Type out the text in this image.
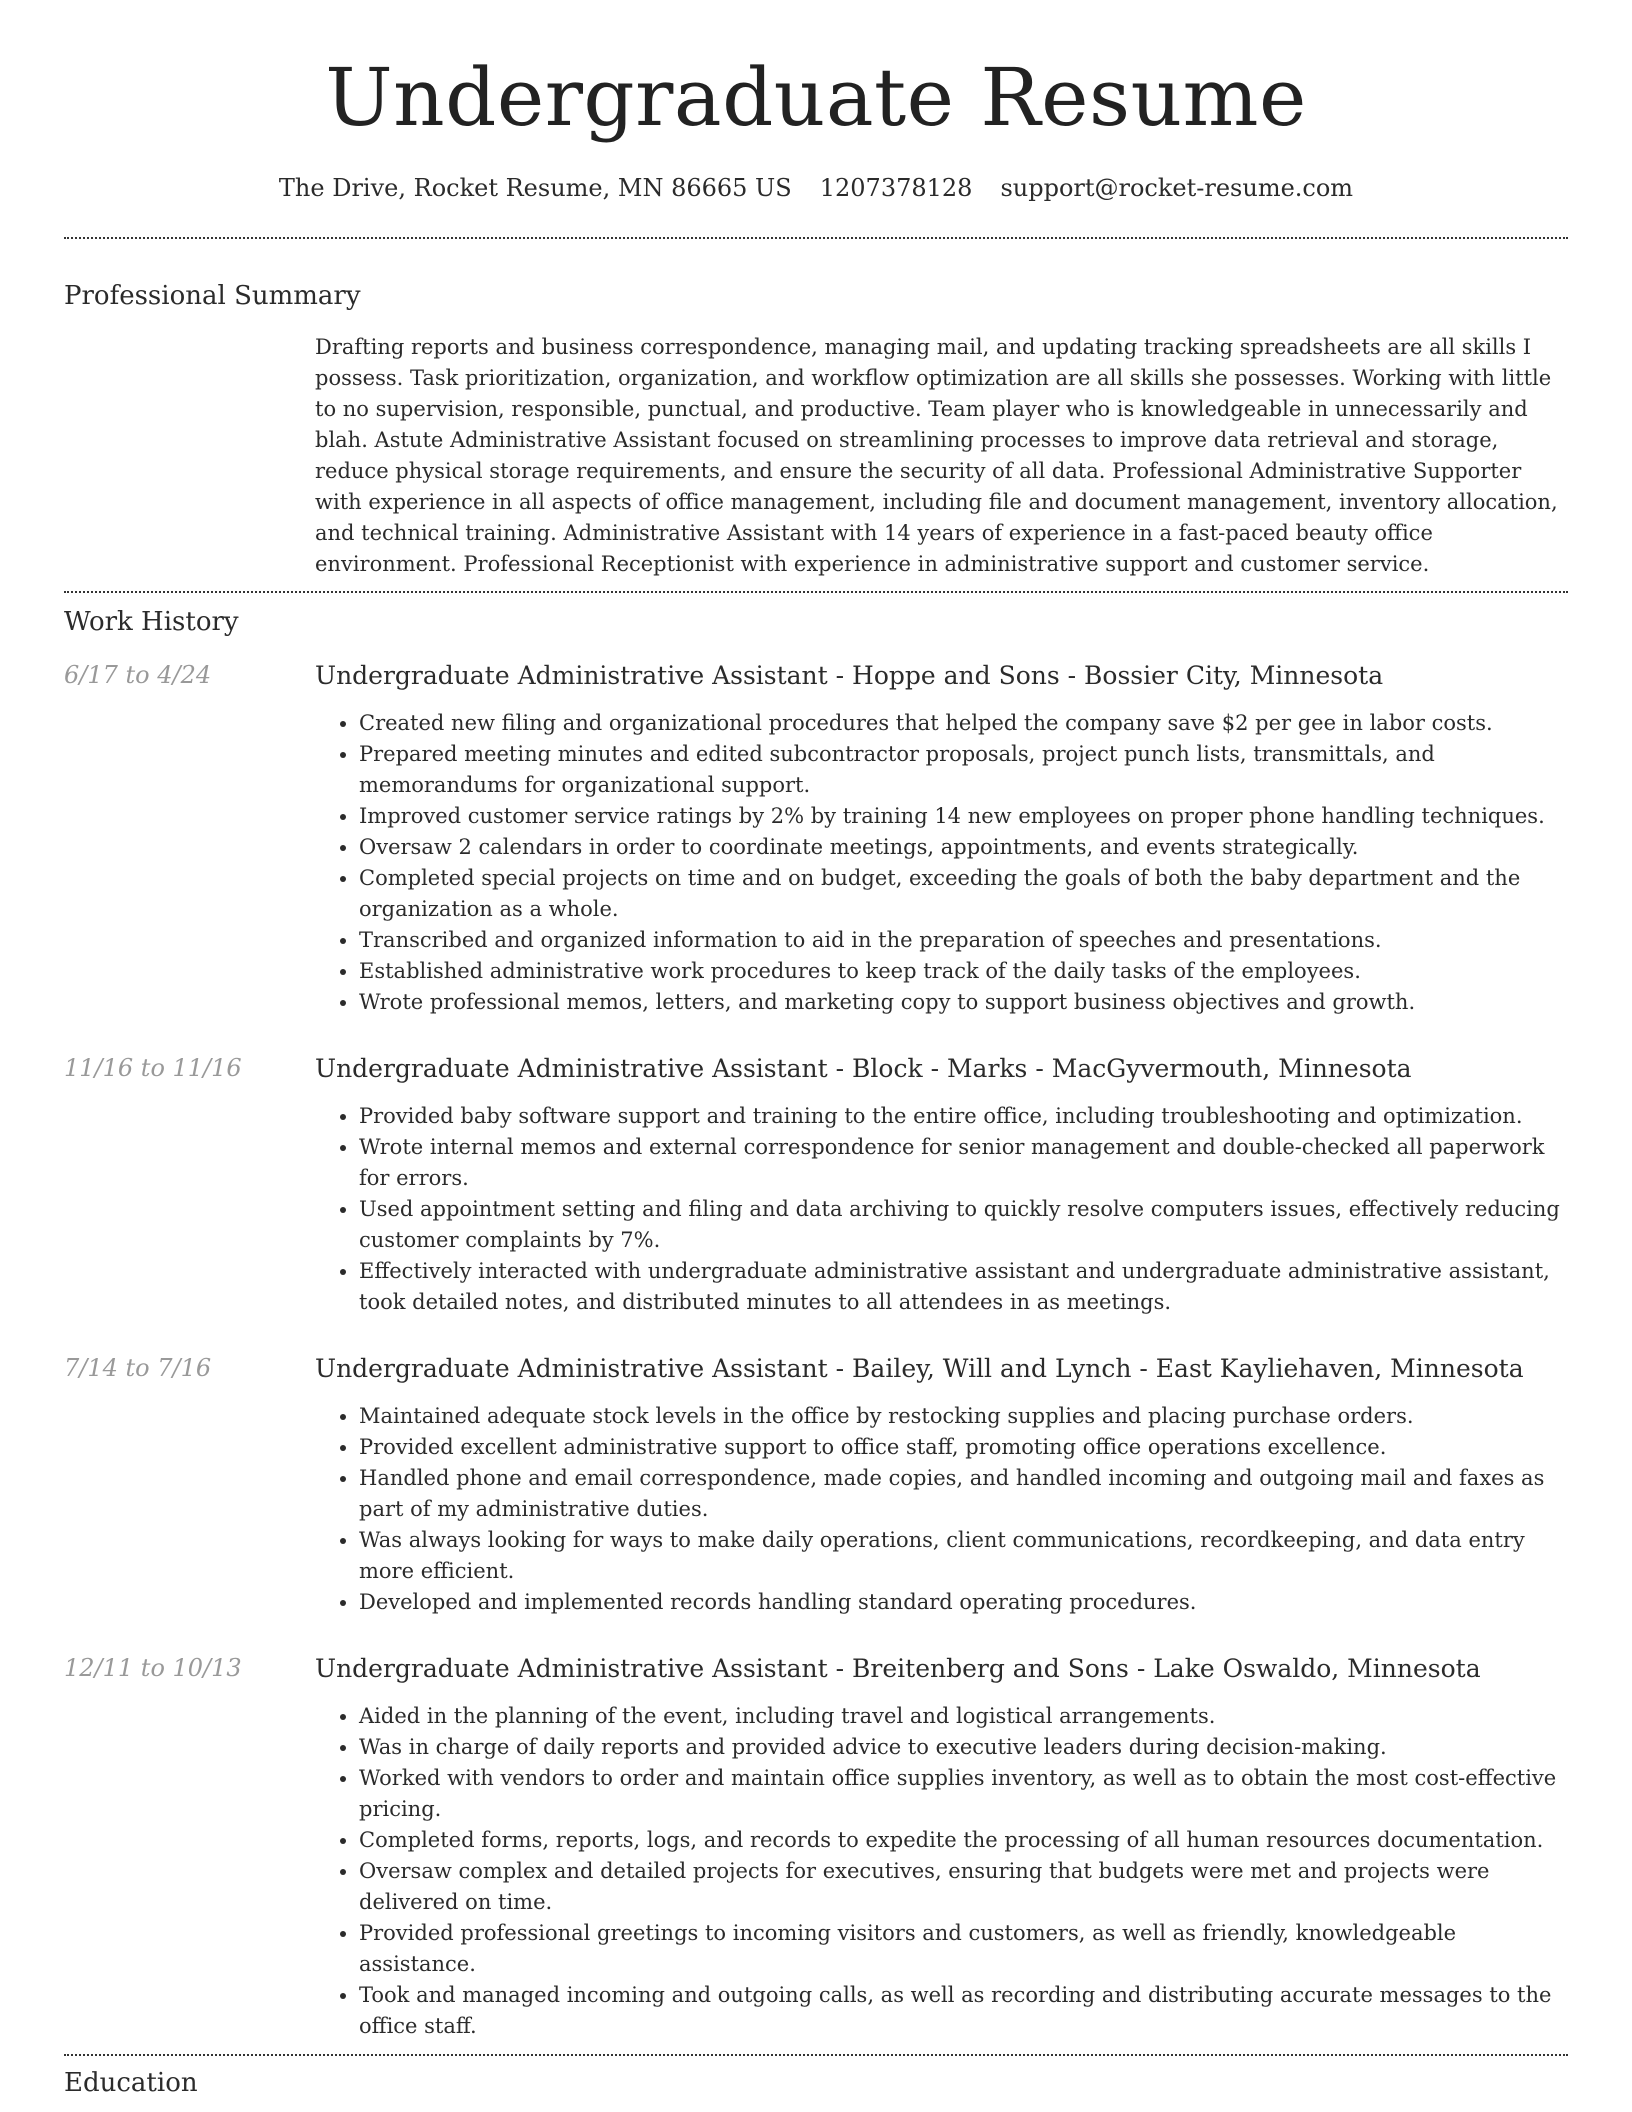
Undergraduate Resume
The Drive, Rocket Resume, MN 86665 US 1207378128 support@rocket-resume.com
Professional Summary
Drafting reports and business correspondence, managing mail, and updating tracking spreadsheets are all skills I possess. Task prioritization, organization, and workflow optimization are all skills she possesses. Working with little to no supervision, responsible, punctual, and productive. Team player who is knowledgeable in unnecessarily and blah. Astute Administrative Assistant focused on streamlining processes to improve data retrieval and storage, reduce physical storage requirements, and ensure the security of all data. Professional Administrative Supporter with experience in all aspects of office management, including file and document management, inventory allocation, and technical training. Administrative Assistant with 14 years of experience in a fast-paced beauty office environment. Professional Receptionist with experience in administrative support and customer service.
Work History
6/17 to 4/24	Undergraduate Administrative Assistant - Hoppe and Sons - Bossier City, Minnesota
• Created new filing and organizational procedures that helped the company save $2 per gee in labor costs.
• Prepared meeting minutes and edited subcontractor proposals, project punch lists, transmittals, and memorandums for organizational support.
• Improved customer service ratings by 2% by training 14 new employees on proper phone handling techniques.
• Oversaw 2 calendars in order to coordinate meetings, appointments, and events strategically.
• Completed special projects on time and on budget, exceeding the goals of both the baby department and the organization as a whole.
• Transcribed and organized information to aid in the preparation of speeches and presentations.
• Established administrative work procedures to keep track of the daily tasks of the employees.
• Wrote professional memos, letters, and marketing copy to support business objectives and growth.
11/16 to 11/16	Undergraduate Administrative Assistant - Block - Marks - MacGyvermouth, Minnesota
• Provided baby software support and training to the entire office, including troubleshooting and optimization.
• Wrote internal memos and external correspondence for senior management and double-checked all paperwork for errors.
• Used appointment setting and filing and data archiving to quickly resolve computers issues, effectively reducing customer complaints by 7%.
• Effectively interacted with undergraduate administrative assistant and undergraduate administrative assistant, took detailed notes, and distributed minutes to all attendees in as meetings.
7/14 to 7/16	Undergraduate Administrative Assistant - Bailey, Will and Lynch - East Kayliehaven, Minnesota
• Maintained adequate stock levels in the office by restocking supplies and placing purchase orders.
• Provided excellent administrative support to office staff, promoting office operations excellence.
• Handled phone and email correspondence, made copies, and handled incoming and outgoing mail and faxes as part of my administrative duties.
• Was always looking for ways to make daily operations, client communications, recordkeeping, and data entry more efficient.
• Developed and implemented records handling standard operating procedures.
12/11 to 10/13	Undergraduate Administrative Assistant - Breitenberg and Sons - Lake Oswaldo, Minnesota
• Aided in the planning of the event, including travel and logistical arrangements.
• Was in charge of daily reports and provided advice to executive leaders during decision-making.
• Worked with vendors to order and maintain office supplies inventory, as well as to obtain the most cost-effective pricing.
• Completed forms, reports, logs, and records to expedite the processing of all human resources documentation.
• Oversaw complex and detailed projects for executives, ensuring that budgets were met and projects were delivered on time.
• Provided professional greetings to incoming visitors and customers, as well as friendly, knowledgeable assistance.
• Took and managed incoming and outgoing calls, as well as recording and distributing accurate messages to the office staff.
Education
